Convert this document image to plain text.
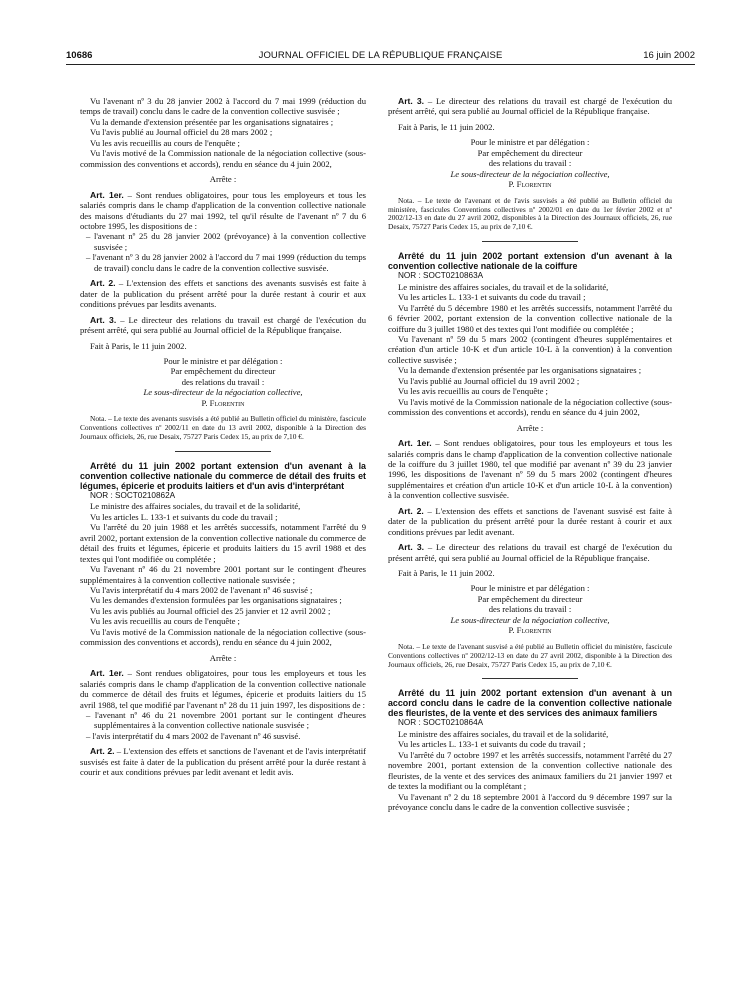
10686	JOURNAL OFFICIEL DE LA RÉPUBLIQUE FRANÇAISE	16 juin 2002

Vu l'avenant nº 3 du 28 janvier 2002 à l'accord du 7 mai 1999 (réduction du temps de travail) conclu dans le cadre de la convention collective susvisée ;

Vu la demande d'extension présentée par les organisations signataires ;

Vu l'avis publié au Journal officiel du 28 mars 2002 ;

Vu les avis recueillis au cours de l'enquête ;

Vu l'avis motivé de la Commission nationale de la négociation collective (sous-commission des conventions et accords), rendu en séance du 4 juin 2002,

Arrête :

Art. 1er. – Sont rendues obligatoires, pour tous les employeurs et tous les salariés compris dans le champ d'application de la convention collective nationale des maisons d'étudiants du 27 mai 1992, tel qu'il résulte de l'avenant nº 7 du 6 octobre 1995, les dispositions de :

– l'avenant nº 25 du 28 janvier 2002 (prévoyance) à la convention collective susvisée ;

– l'avenant nº 3 du 28 janvier 2002 à l'accord du 7 mai 1999 (réduction du temps de travail) conclu dans le cadre de la convention collective susvisée.

Art. 2. – L'extension des effets et sanctions des avenants susvisés est faite à dater de la publication du présent arrêté pour la durée restant à courir et aux conditions prévues par lesdits avenants.

Art. 3. – Le directeur des relations du travail est chargé de l'exécution du présent arrêté, qui sera publié au Journal officiel de la République française.

Fait à Paris, le 11 juin 2002.

Pour le ministre et par délégation :

Par empêchement du directeur

des relations du travail :

Le sous-directeur de la négociation collective,

P. Florentin

Nota. – Le texte des avenants susvisés a été publié au Bulletin officiel du ministère, fascicule Conventions collectives nº 2002/11 en date du 13 avril 2002, disponible à la Direction des Journaux officiels, 26, rue Desaix, 75727 Paris Cedex 15, au prix de 7,10 €.

Arrêté du 11 juin 2002 portant extension d'un avenant à la convention collective nationale du commerce de détail des fruits et légumes, épicerie et produits laitiers et d'un avis d'interprétant

NOR : SOCT0210862A

Le ministre des affaires sociales, du travail et de la solidarité,

Vu les articles L. 133-1 et suivants du code du travail ;

Vu l'arrêté du 20 juin 1988 et les arrêtés successifs, notamment l'arrêté du 9 avril 2002, portant extension de la convention collective nationale du commerce de détail des fruits et légumes, épicerie et produits laitiers du 15 avril 1988 et des textes qui l'ont modifiée ou complétée ;

Vu l'avenant nº 46 du 21 novembre 2001 portant sur le contingent d'heures supplémentaires à la convention collective nationale susvisée ;

Vu l'avis interprétatif du 4 mars 2002 de l'avenant nº 46 susvisé ;

Vu les demandes d'extension formulées par les organisations signataires ;

Vu les avis publiés au Journal officiel des 25 janvier et 12 avril 2002 ;

Vu les avis recueillis au cours de l'enquête ;

Vu l'avis motivé de la Commission nationale de la négociation collective (sous-commission des conventions et accords), rendu en séance du 4 juin 2002,

Arrête :

Art. 1er. – Sont rendues obligatoires, pour tous les employeurs et tous les salariés compris dans le champ d'application de la convention collective nationale du commerce de détail des fruits et légumes, épicerie et produits laitiers du 15 avril 1988, tel que modifié par l'avenant nº 28 du 11 juin 1997, les dispositions de :

– l'avenant nº 46 du 21 novembre 2001 portant sur le contingent d'heures supplémentaires à la convention collective nationale susvisée ;

– l'avis interprétatif du 4 mars 2002 de l'avenant nº 46 susvisé.

Art. 2. – L'extension des effets et sanctions de l'avenant et de l'avis interprétatif susvisés est faite à dater de la publication du présent arrêté pour la durée restant à courir et aux conditions prévues par ledit avenant et ledit avis.

Art. 3. – Le directeur des relations du travail est chargé de l'exécution du présent arrêté, qui sera publié au Journal officiel de la République française.

Fait à Paris, le 11 juin 2002.

Pour le ministre et par délégation :

Par empêchement du directeur

des relations du travail :

Le sous-directeur de la négociation collective,

P. Florentin

Nota. – Le texte de l'avenant et de l'avis susvisés a été publié au Bulletin officiel du ministère, fascicules Conventions collectives nº 2002/01 en date du 1er février 2002 et nº 2002/12-13 en date du 27 avril 2002, disponibles à la Direction des Journaux officiels, 26, rue Desaix, 75727 Paris Cedex 15, au prix de 7,10 €.

Arrêté du 11 juin 2002 portant extension d'un avenant à la convention collective nationale de la coiffure

NOR : SOCT0210863A

Le ministre des affaires sociales, du travail et de la solidarité,

Vu les articles L. 133-1 et suivants du code du travail ;

Vu l'arrêté du 5 décembre 1980 et les arrêtés successifs, notamment l'arrêté du 6 février 2002, portant extension de la convention collective nationale de la coiffure du 3 juillet 1980 et des textes qui l'ont modifiée ou complétée ;

Vu l'avenant nº 59 du 5 mars 2002 (contingent d'heures supplémentaires et création d'un article 10-K et d'un article 10-L à la convention) à la convention collective susvisée ;

Vu la demande d'extension présentée par les organisations signataires ;

Vu l'avis publié au Journal officiel du 19 avril 2002 ;

Vu les avis recueillis au cours de l'enquête ;

Vu l'avis motivé de la Commission nationale de la négociation collective (sous-commission des conventions et accords), rendu en séance du 4 juin 2002,

Arrête :

Art. 1er. – Sont rendues obligatoires, pour tous les employeurs et tous les salariés compris dans le champ d'application de la convention collective nationale de la coiffure du 3 juillet 1980, tel que modifié par avenant nº 39 du 23 janvier 1996, les dispositions de l'avenant nº 59 du 5 mars 2002 (contingent d'heures supplémentaires et création d'un article 10-K et d'un article 10-L à la convention) à la convention collective susvisée.

Art. 2. – L'extension des effets et sanctions de l'avenant susvisé est faite à dater de la publication du présent arrêté pour la durée restant à courir et aux conditions prévues par ledit avenant.

Art. 3. – Le directeur des relations du travail est chargé de l'exécution du présent arrêté, qui sera publié au Journal officiel de la République française.

Fait à Paris, le 11 juin 2002.

Pour le ministre et par délégation :

Par empêchement du directeur

des relations du travail :

Le sous-directeur de la négociation collective,

P. Florentin

Nota. – Le texte de l'avenant susvisé a été publié au Bulletin officiel du ministère, fascicule Conventions collectives nº 2002/12-13 en date du 27 avril 2002, disponible à la Direction des Journaux officiels, 26, rue Desaix, 75727 Paris Cedex 15, au prix de 7,10 €.

Arrêté du 11 juin 2002 portant extension d'un avenant à un accord conclu dans le cadre de la convention collective nationale des fleuristes, de la vente et des services des animaux familiers

NOR : SOCT0210864A

Le ministre des affaires sociales, du travail et de la solidarité,

Vu les articles L. 133-1 et suivants du code du travail ;

Vu l'arrêté du 7 octobre 1997 et les arrêtés successifs, notamment l'arrêté du 27 novembre 2001, portant extension de la convention collective nationale des fleuristes, de la vente et des services des animaux familiers du 21 janvier 1997 et de textes la modifiant ou la complétant ;

Vu l'avenant nº 2 du 18 septembre 2001 à l'accord du 9 décembre 1997 sur la prévoyance conclu dans le cadre de la convention collective susvisée ;
